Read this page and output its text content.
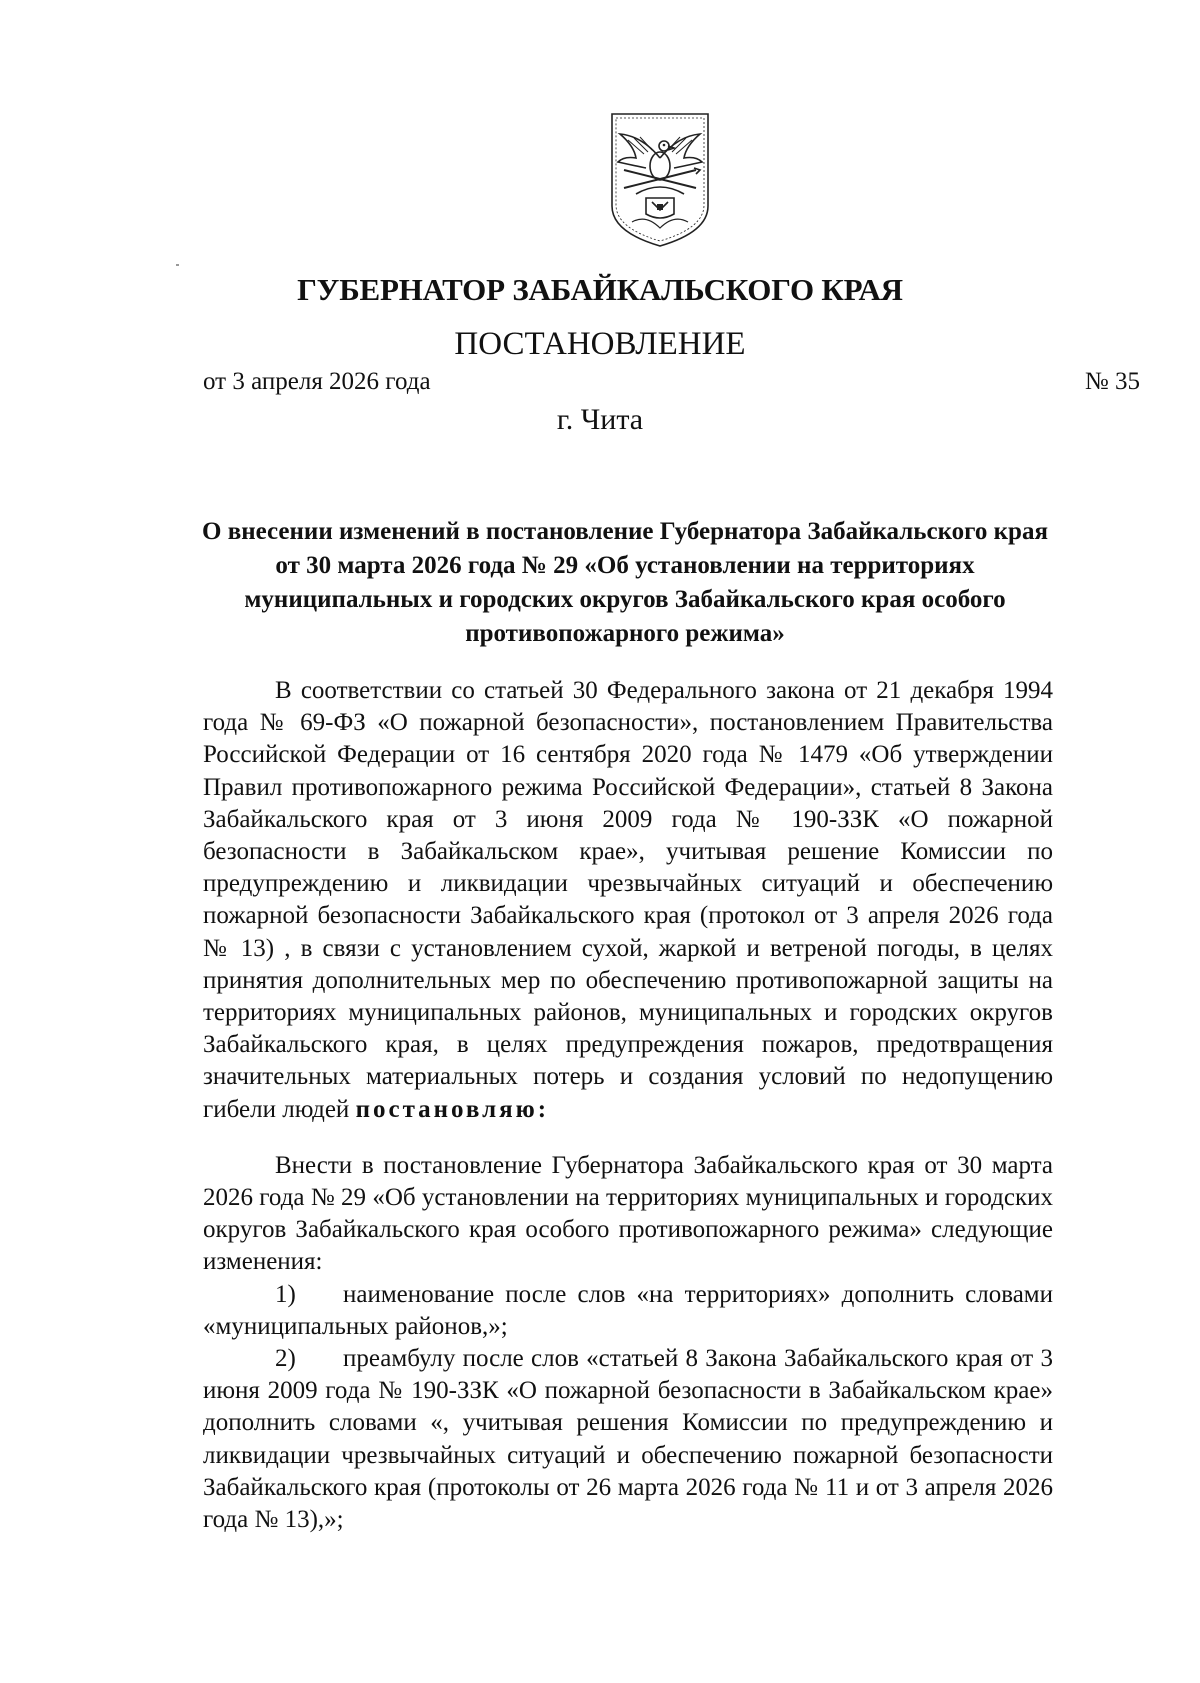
ГУБЕРНАТОР ЗАБАЙКАЛЬСКОГО КРАЯ
ПОСТАНОВЛЕНИЕ
от 3 апреля 2026 года	№ 35
г. Чита
О внесении изменений в постановление Губернатора Забайкальского края от 30 марта 2026 года № 29 «Об установлении на территориях муниципальных и городских округов Забайкальского края особого противопожарного режима»

В соответствии со статьей 30 Федерального закона от 21 декабря 1994 года № 69-ФЗ «О пожарной безопасности», постановлением Правительства Российской Федерации от 16 сентября 2020 года № 1479 «Об утверждении Правил противопожарного режима Российской Федерации», статьей 8 Закона Забайкальского края от 3 июня 2009 года № 190-ЗЗК «О пожарной безопасности в Забайкальском крае», учитывая решение Комиссии по предупреждению и ликвидации чрезвычайных ситуаций и обеспечению пожарной безопасности Забайкальского края (протокол от 3 апреля 2026 года № 13) , в связи с установлением сухой, жаркой и ветреной погоды, в целях принятия дополнительных мер по обеспечению противопожарной защиты на территориях муниципальных районов, муниципальных и городских округов Забайкальского края, в целях предупреждения пожаров, предотвращения значительных материальных потерь и создания условий по недопущению гибели людей постановляю:

Внести в постановление Губернатора Забайкальского края от 30 марта 2026 года № 29 «Об установлении на территориях муниципальных и городских округов Забайкальского края особого противопожарного режима» следующие изменения:

1) наименование после слов «на территориях» дополнить словами «муниципальных районов,»;
2) преамбулу после слов «статьей 8 Закона Забайкальского края от 3 июня 2009 года № 190-ЗЗК «О пожарной безопасности в Забайкальском крае» дополнить словами «, учитывая решения Комиссии по предупреждению и ликвидации чрезвычайных ситуаций и обеспечению пожарной безопасности Забайкальского края (протоколы от 26 марта 2026 года № 11 и от 3 апреля 2026 года № 13),»;
